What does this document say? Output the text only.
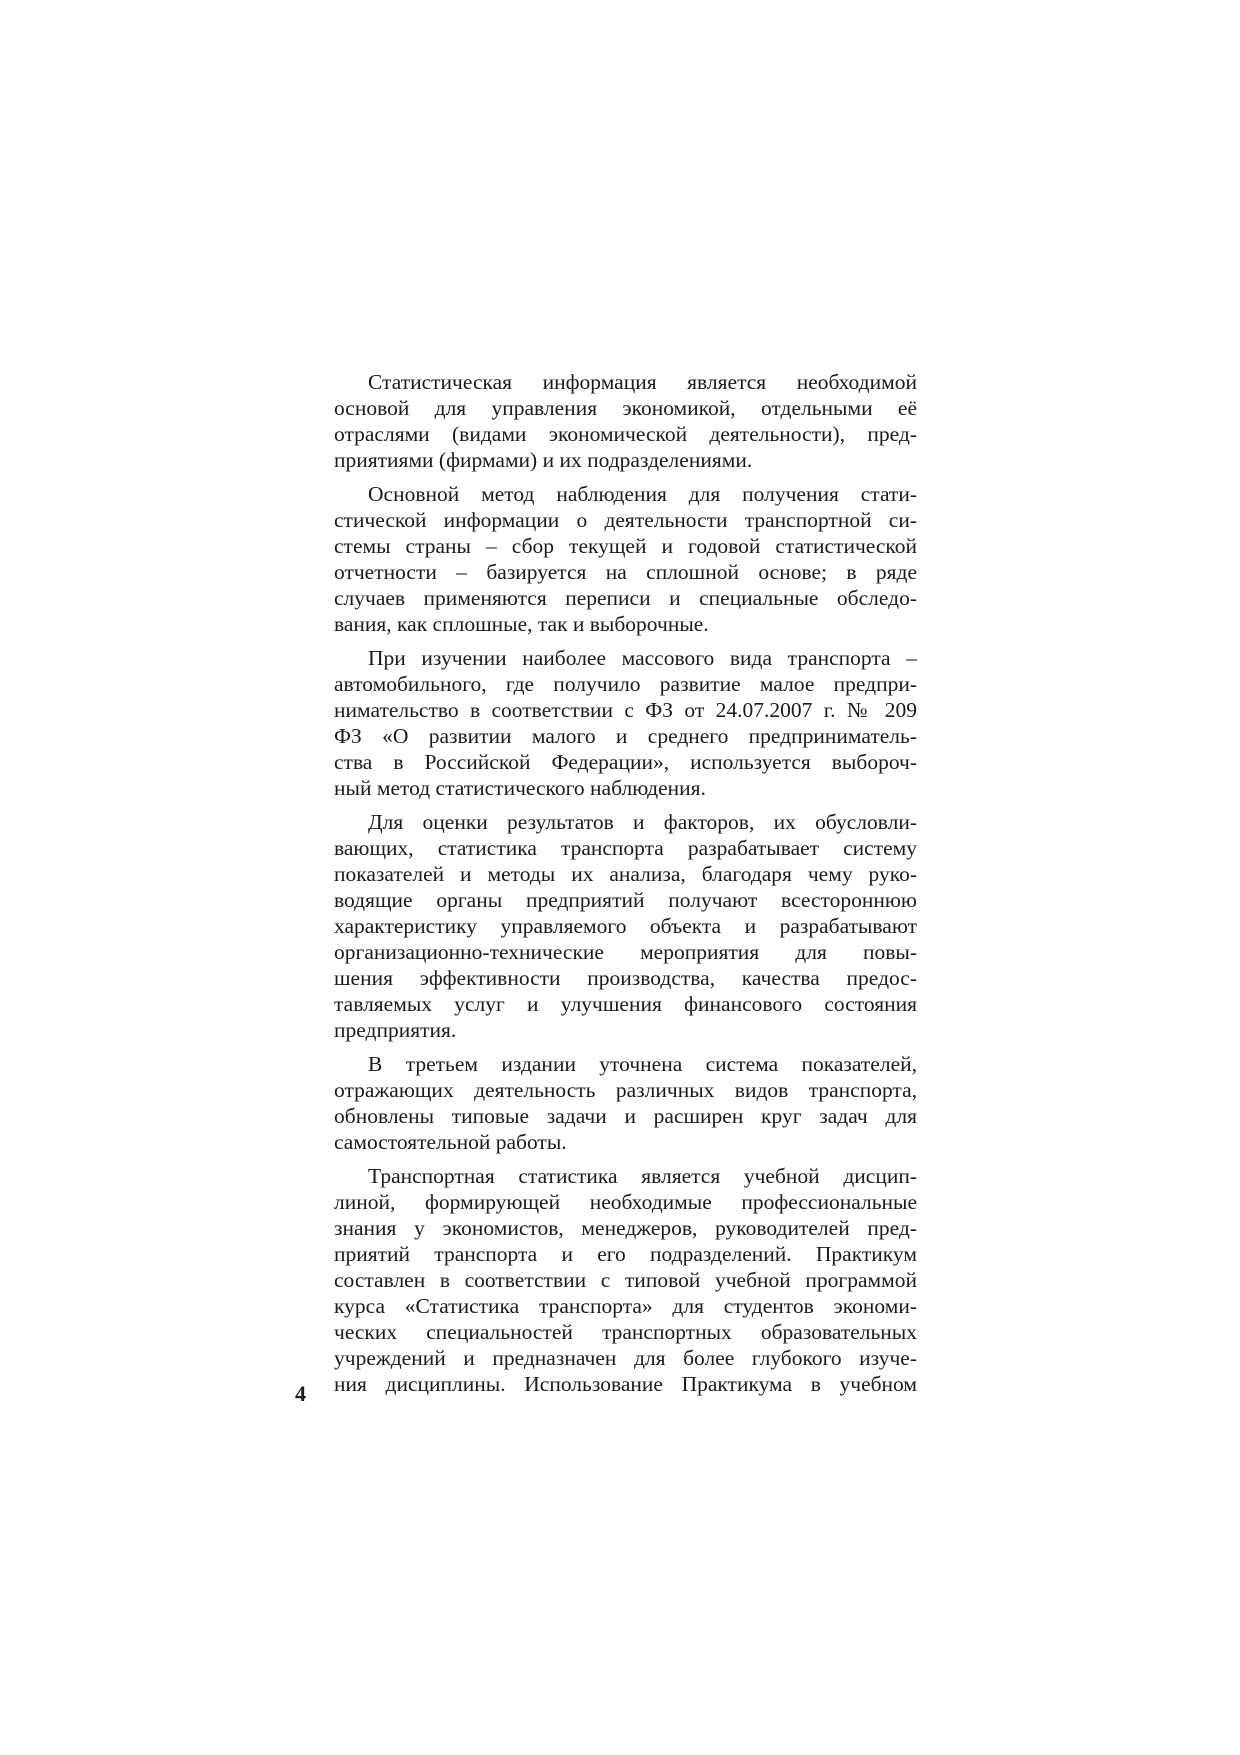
Статистическая информация является необходимой
основой для управления экономикой, отдельными её
отраслями (видами экономической деятельности), пред-
приятиями (фирмами) и их подразделениями.
Основной метод наблюдения для получения стати-
стической информации о деятельности транспортной си-
стемы страны – сбор текущей и годовой статистической
отчетности – базируется на сплошной основе; в ряде
случаев применяются переписи и специальные обследо-
вания, как сплошные, так и выборочные.
При изучении наиболее массового вида транспорта –
автомобильного, где получило развитие малое предпри-
нимательство в соответствии с ФЗ от 24.07.2007 г. № 209
ФЗ «О развитии малого и среднего предприниматель-
ства в Российской Федерации», используется выбороч-
ный метод статистического наблюдения.
Для оценки результатов и факторов, их обусловли-
вающих, статистика транспорта разрабатывает систему
показателей и методы их анализа, благодаря чему руко-
водящие органы предприятий получают всестороннюю
характеристику управляемого объекта и разрабатывают
организационно-технические мероприятия для повы-
шения эффективности производства, качества предос-
тавляемых услуг и улучшения финансового состояния
предприятия.
В третьем издании уточнена система показателей,
отражающих деятельность различных видов транспорта,
обновлены типовые задачи и расширен круг задач для
самостоятельной работы.
Транспортная статистика является учебной дисцип-
линой, формирующей необходимые профессиональные
знания у экономистов, менеджеров, руководителей пред-
приятий транспорта и его подразделений. Практикум
составлен в соответствии с типовой учебной программой
курса «Статистика транспорта» для студентов экономи-
ческих специальностей транспортных образовательных
учреждений и предназначен для более глубокого изуче-
ния дисциплины. Использование Практикума в учебном
4
